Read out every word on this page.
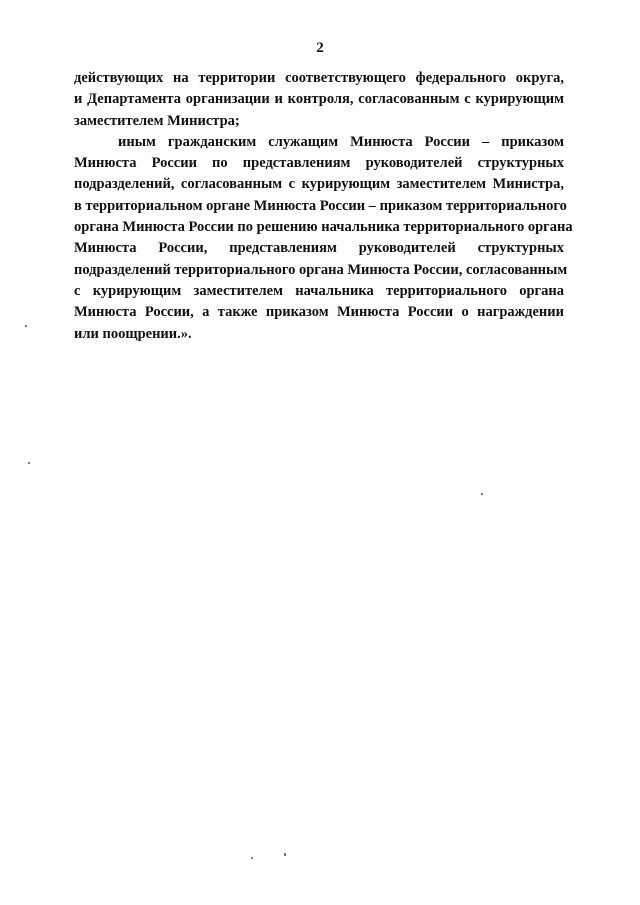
2
действующих на территории соответствующего федерального округа,
и Департамента организации и контроля, согласованным с курирующим
заместителем Министра;
иным гражданским служащим Минюста России – приказом
Минюста России по представлениям руководителей структурных
подразделений, согласованным с курирующим заместителем Министра,
в территориальном органе Минюста России – приказом территориального
органа Минюста России по решению начальника территориального органа
Минюста России, представлениям руководителей структурных
подразделений территориального органа Минюста России, согласованным
с курирующим заместителем начальника территориального органа
Минюста России, а также приказом Минюста России о награждении
или поощрении.».
